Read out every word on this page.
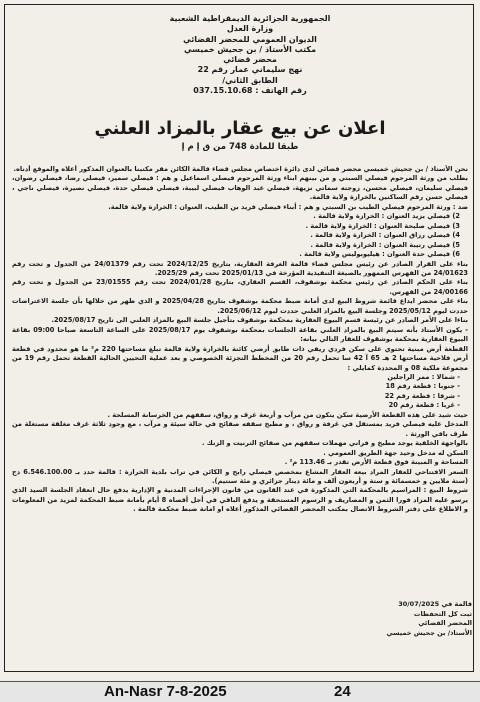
الجمهورية الجزائرية الديمقراطية الشعبية
وزارة العدل
الديوان العمومي للمحضر القضائي
مكتب الأستاذ / بن جحيش خميسي
محضر قضائي
نهج سليماني عمار رقم 22
الطابق الثاني/
رقم الهاتف : 037.15.10.68
اعلان عن بيع عقار بالمزاد العلني
طبقا للمادة 748 من ق إ م إ

نحن الأستاذ / بن جحيش خميسي محضر قضائي لدى دائرة اختصاص مجلس قضاء قالمة الكائن مقر مكتبنا بالعنوان المذكور أعلاه والموقع أدناه.

بطلب من ورثة المرحوم فيصلي السبتي و من بينهم ابناء ورثة المرحوم فيصلي اسماعيل و هم : فيصلي سمير، فيصلي رضا، فيصلي رضوان، فيصلي سليمان، فيصلي محسن، زوجته سماتي نزيهة، فيصلي عبد الوهاب فيصلي لبيبة، فيصلي فيصلي حدة، فيصلي نصيرة، فيصلي ناجي ، فيصلي حسن رقم الساكنين بالخرازة ولاية قالمة.

ضد : ورثة المرحوم فيصلي الطيب بن السبتي و هم : أبناء فيصلي فريد بن الطيب، العنوان : الخرازة ولاية قالمة.

2) فيصلي يزيد العنوان : الخرازة ولاية قالمة .

3) فيصلي صليحة العنوان : الخرازة ولاية قالمة .

4) فيصلي رزاق العنوان : الخرازة ولاية قالمة .

5) فيصلي رتيبة العنوان : الخرازة ولاية قالمة .

6) فيصلي حدة العنوان : هيليوبوليس ولاية قالمة .

بناء على القرار الصادر عن رئيس مجلس قضاء قالمة الغرفة العقارية، بتاريخ 2024/12/25 تحت رقم 24/01379 من الجدول و تحت رقم 24/01623 من الفهرس الممهور بالصيغة التنفيذية المؤرخة في 2025/01/13 تحت رقم 2025/29.

بناء على الحكم الصادر عن رئيس محكمة بوشقوف، القسم العقاري، بتاريخ 2024/01/28 تحت رقم 23/01555 من الجدول و تحت رقم 24/00166 من الفهرس.

بناء على محضر ايداع قائمة شروط البيع لدى أمانة ضبط محكمة بوشقوف بتاريخ 2025/04/28 و الذي ظهر من خلالها بأن جلسة الاعتراضات حددت ليوم 2025/05/12 وجلسة البيع بالمزاد العلني حددت ليوم 2025/06/12.

بناءا على الأمر الصادر عن رئيسة قسم البيوع العقارية بمحكمة بوشقوف بتأجيل جلسة البيع بالمزاد العلني الى تاريخ 2025/08/17.

- يكون الأستاذ بأنه سيتم البيع بالمزاد العلني بقاعة الجلسات بمحكمة بوشقوف يوم 2025/08/17 على الساعة التاسعة صباحا 09:00 بقاعة البيوع العقارية بمحكمة بوشقوف للعقار التالي بيانه:

القطعة أرض مبنية تحتوي على سكن فردي ريفي ذات طابق أرضي كائنة بالخرازة ولاية قالمة تبلغ مساحتها 220 م² ما هو محدود في قطعة أرض فلاحية مساحتها 2 هـ 65 آ 42 سا تحمل رقم 20 من المخطط التجزئة الخصوصي و بعد عملية التحيين الحالية القطعة تحمل رقم 19 من مجموعة ملكية 08 و المحددة كمايلي :

- شمالا : ممر الراجلين

- جنوبا : قطعة رقم 18

- شرقا : قطعة رقم 22

- غربا : قطعة رقم 20

حيث شيد على هذه القطعة الأرضية سكن يتكون من مرآب و أربعة غرف و رواق، سقفهم من الخرسانة المسلحة .

المدخل عليه فيصلي فريد بمستقل في غرفة و رواق ، و مطبخ سقفه صفائح في حالة سيئة و مرآب ، مع وجود ثلاثة غرف مغلقة مستغلة من طرف باقي الورثة .

بالواجهة الخلفية يوجد مطبخ و فراني مهملات سقفهم من صفائح الترنيت و الزنك .

السكن له مدخل وحيد جهة الطريق العمومي .

المساحة و المبينة فوق قطعة الأرض تقدر بـ 113.46 م² .

السعر الافتتاحي للعقار المراد بيعه العقار المشاع بمخصص فيصلي رابح و الكائن في تراب بلدية الخرازة : قالمة حدد بـ 6.546.100.00 دج (ستة ملايين و خمسمائة و ستة و أربعون ألف و مائة دينار جزائري و مئة سنتيم).

شروط البيع : المراسيم بالمحكمة التي المذكورة في عند القانون من قانون الإجراءات المدنية و الإدارية يدفع حال انعقاد الجلسة السيد الذي يرسو عليه المزاد فورا الثمن و المصاريف و الرسوم المستحقة و يدفع الباقي في أجل أقصاه 8 أيام بأمانة ضبط المحكمة لمزيد من المعلومات و الاطلاع على دفتر الشروط الاتصال بمكتب المحضر القضائي المذكور أعلاه او امانة ضبط محكمة قالمة .

قالمة في 30/07/2025
ثبت كل التحفظات
المحضر القضائي
الأستاذ/ بن جحيش خميسي
An-Nasr 7-8-2025	24
